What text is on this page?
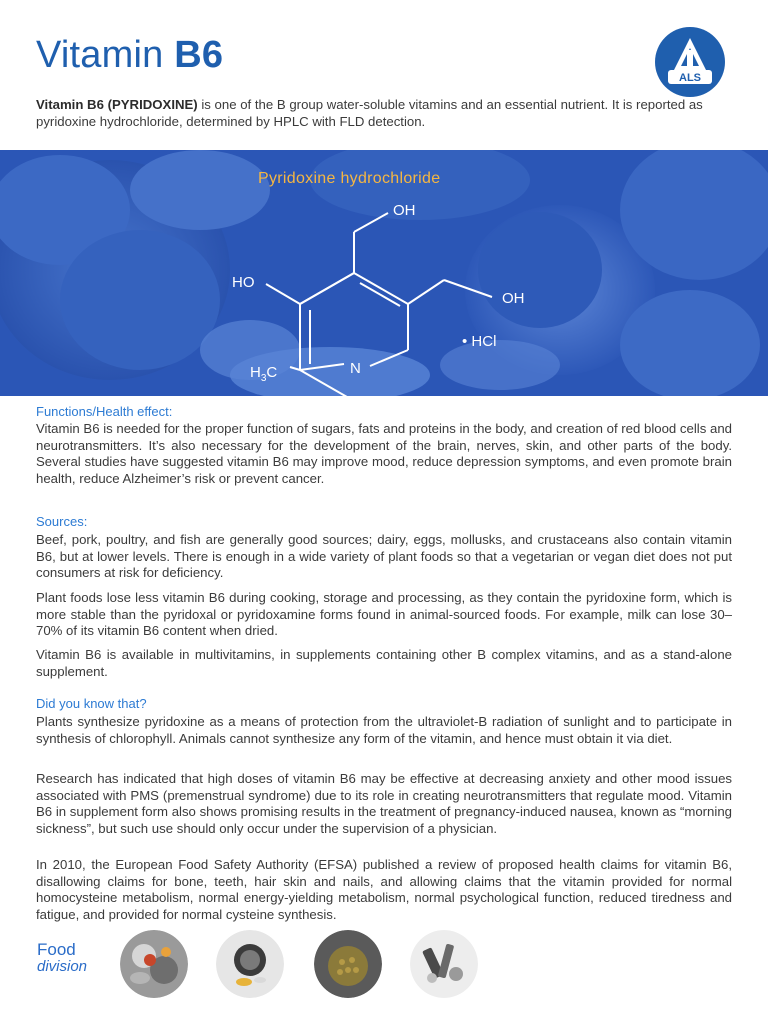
Vitamin B6
ALS

Vitamin B6 (PYRIDOXINE) is one of the B group water-soluble vitamins and an essential nutrient. It is reported as pyridoxine hydrochloride, determined by HPLC with FLD detection.

Pyridoxine hydrochloride
OH
HO
OH
• HCl
$H_3C$	N
Functions/Health effect:

Vitamin B6 is needed for the proper function of sugars, fats and proteins in the body, and creation of red blood cells and neurotransmitters. It’s also necessary for the development of the brain, nerves, skin, and other parts of the body. Several studies have suggested vitamin B6 may improve mood, reduce depression symptoms, and even promote brain health, reduce Alzheimer’s risk or prevent cancer.

Sources:

Beef, pork, poultry, and fish are generally good sources; dairy, eggs, mollusks, and crustaceans also contain vitamin B6, but at lower levels. There is enough in a wide variety of plant foods so that a vegetarian or vegan diet does not put consumers at risk for deficiency.

Plant foods lose less vitamin B6 during cooking, storage and processing, as they contain the pyridoxine form, which is more stable than the pyridoxal or pyridoxamine forms found in animal-sourced foods. For example, milk can lose 30–70% of its vitamin B6 content when dried.

Vitamin B6 is available in multivitamins, in supplements containing other B complex vitamins, and as a stand-alone supplement.

Did you know that?

Plants synthesize pyridoxine as a means of protection from the ultraviolet-B radiation of sunlight and to participate in synthesis of chlorophyll. Animals cannot synthesize any form of the vitamin, and hence must obtain it via diet.

Research has indicated that high doses of vitamin B6 may be effective at decreasing anxiety and other mood issues associated with PMS (premenstrual syndrome) due to its role in creating neurotransmitters that regulate mood. Vitamin B6 in supplement form also shows promising results in the treatment of pregnancy-induced nausea, known as “morning sickness”, but such use should only occur under the supervision of a physician.

In 2010, the European Food Safety Authority (EFSA) published a review of proposed health claims for vitamin B6, disallowing claims for bone, teeth, hair skin and nails, and allowing claims that the vitamin provided for normal homocysteine metabolism, normal energy-yielding metabolism, normal psychological function, reduced tiredness and fatigue, and provided for normal cysteine synthesis.

Food
division
